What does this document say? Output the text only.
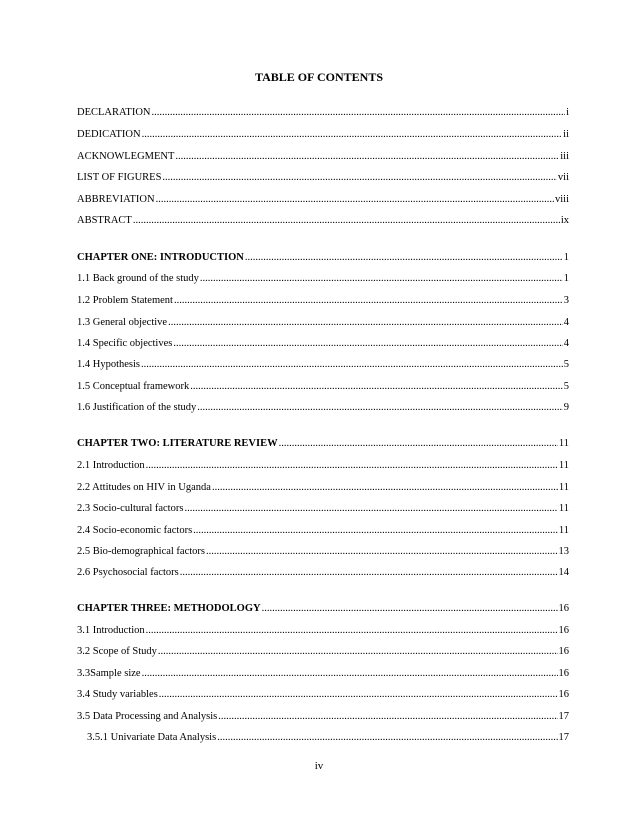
TABLE OF CONTENTS
DECLARATION .....	i
DEDICATION .....	ii
ACKNOWLEGMENT .....	iii
LIST OF FIGURES .....	vii
ABBREVIATION .....	viii
ABSTRACT .....	ix
CHAPTER ONE: INTRODUCTION .....	1
1.1 Back ground of the study .....	1
1.2 Problem Statement .....	3
1.3 General objective .....	4
1.4 Specific objectives .....	4
1.4 Hypothesis .....	5
1.5 Conceptual framework .....	5
1.6 Justification of the study .....	9
CHAPTER TWO: LITERATURE REVIEW .....	11
2.1 Introduction .....	11
2.2 Attitudes on HIV in Uganda .....	11
2.3 Socio-cultural factors .....	11
2.4 Socio-economic factors .....	11
2.5 Bio-demographical factors .....	13
2.6 Psychosocial factors .....	14
CHAPTER THREE: METHODOLOGY .....	16
3.1 Introduction .....	16
3.2 Scope of Study .....	16
3.3Sample size .....	16
3.4 Study variables .....	16
3.5 Data Processing and Analysis .....	17
3.5.1 Univariate Data Analysis .....	17
iv
